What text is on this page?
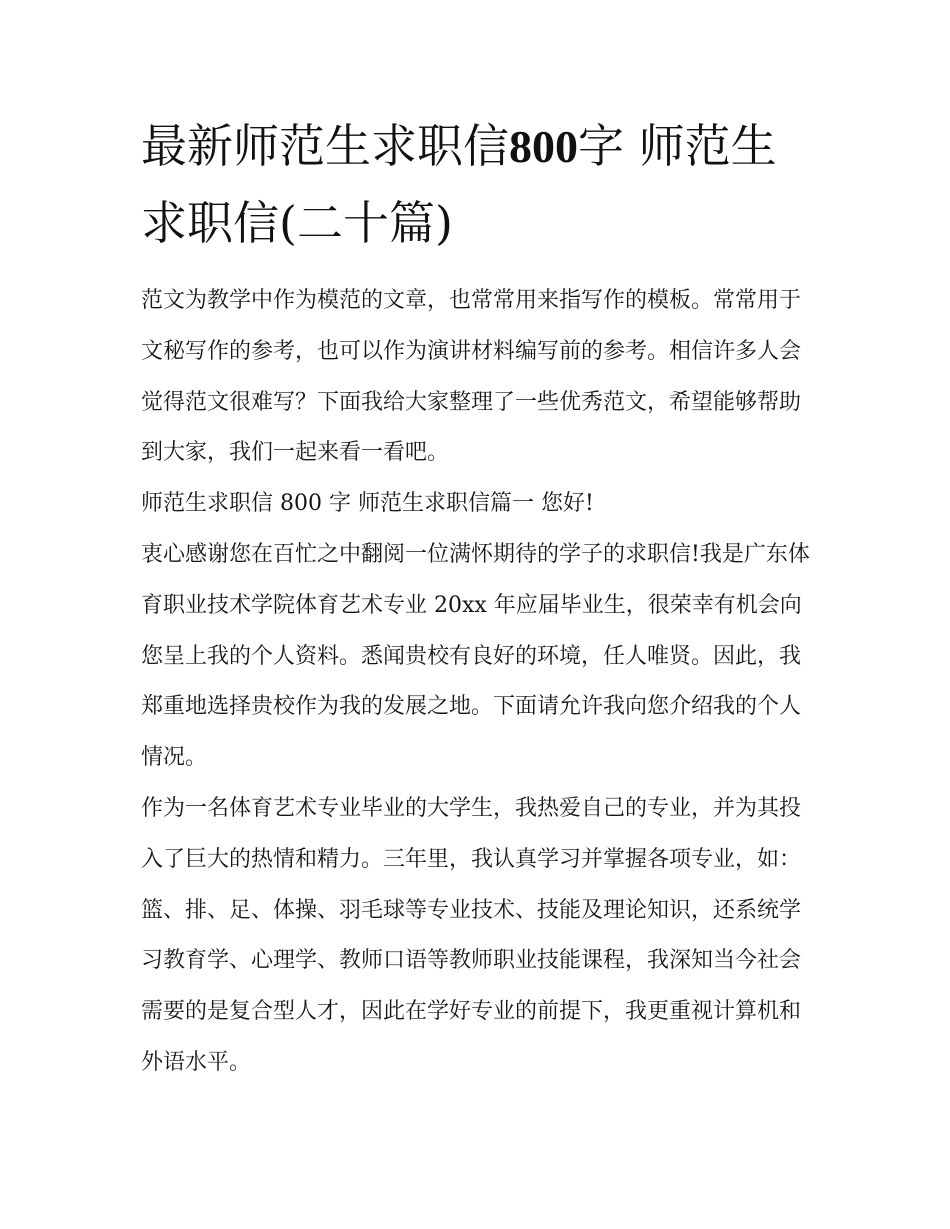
最新师范生求职信800字 师范生求职信(二十篇)

范文为教学中作为模范的文章，也常常用来指写作的模板。常常用于文秘写作的参考，也可以作为演讲材料编写前的参考。相信许多人会觉得范文很难写？下面我给大家整理了一些优秀范文，希望能够帮助到大家，我们一起来看一看吧。

师范生求职信 800 字 师范生求职信篇一 您好!

衷心感谢您在百忙之中翻阅一位满怀期待的学子的求职信!我是广东体育职业技术学院体育艺术专业 20xx 年应届毕业生，很荣幸有机会向您呈上我的个人资料。悉闻贵校有良好的环境，任人唯贤。因此，我郑重地选择贵校作为我的发展之地。下面请允许我向您介绍我的个人情况。

作为一名体育艺术专业毕业的大学生，我热爱自己的专业，并为其投入了巨大的热情和精力。三年里，我认真学习并掌握各项专业，如：篮、排、足、体操、羽毛球等专业技术、技能及理论知识，还系统学习教育学、心理学、教师口语等教师职业技能课程，我深知当今社会需要的是复合型人才，因此在学好专业的前提下，我更重视计算机和外语水平。
